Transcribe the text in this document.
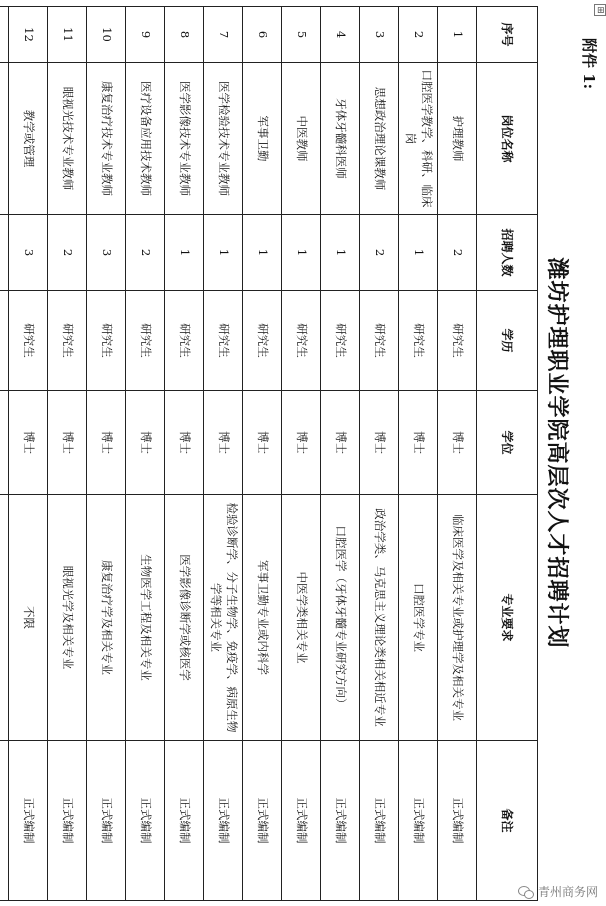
⊞
附件 1:
潍坊护理职业学院高层次人才招聘计划
序号	岗位名称	招聘人数	学历	学位	专业要求	备注
1	护理教师	2	研究生	博士	临床医学及相关专业或护理学及相关专业	正式编制
2	口腔医学教学、科研、临床岗	1	研究生	博士	口腔医学专业	正式编制
3	思想政治理论课教师	2	研究生	博士	政治学类、马克思主义理论类相关相近专业	正式编制
4	牙体牙髓科医师	1	研究生	博士	口腔医学（牙体牙髓专业研究方向）	正式编制
5	中医教师	1	研究生	博士	中医学类相关专业	正式编制
6	军事卫勤	1	研究生	博士	军事卫勤专业或内科学	正式编制
7	医学检验技术专业教师	1	研究生	博士	检验诊断学、分子生物学、免疫学、病原生物学等相关专业	正式编制
8	医学影像技术专业教师	1	研究生	博士	医学影像诊断学或核医学	正式编制
9	医疗设备应用技术教师	2	研究生	博士	生物医学工程及相关专业	正式编制
10	康复治疗技术专业教师	3	研究生	博士	康复治疗学及相关专业	正式编制
11	眼视光技术专业教师	2	研究生	博士	眼视光学及相关专业	正式编制
12	教学或管理	3	研究生	博士	不限	正式编制

青州商务网
